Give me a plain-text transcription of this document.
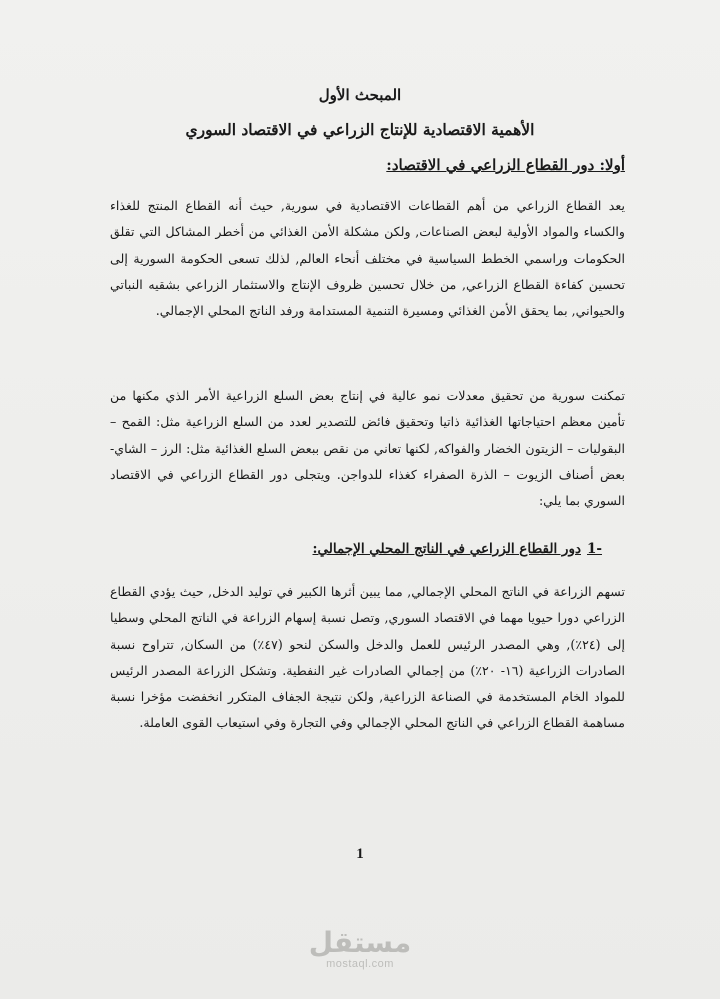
المبحث الأول
الأهمية الاقتصادية للإنتاج الزراعي في الاقتصاد السوري
أولا: دور القطاع الزراعي في الاقتصاد:

يعد القطاع الزراعي من أهم القطاعات الاقتصادية في سورية, حيث أنه القطاع المنتج للغذاء والكساء والمواد الأولية لبعض الصناعات, ولكن مشكلة الأمن الغذائي من أخطر المشاكل التي تقلق الحكومات وراسمي الخطط السياسية في مختلف أنحاء العالم, لذلك تسعى الحكومة السورية إلى تحسين كفاءة القطاع الزراعي, من خلال تحسين ظروف الإنتاج والاستثمار الزراعي بشقيه النباتي والحيواني, بما يحقق الأمن الغذائي ومسيرة التنمية المستدامة ورفد الناتج المحلي الإجمالي.

تمكنت سورية من تحقيق معدلات نمو عالية في إنتاج بعض السلع الزراعية الأمر الذي مكنها من تأمين معظم احتياجاتها الغذائية ذاتيا وتحقيق فائض للتصدير لعدد من السلع الزراعية مثل: القمح – البقوليات – الزيتون الخضار والفواكه, لكنها تعاني من نقص ببعض السلع الغذائية مثل: الرز – الشاي- بعض أصناف الزيوت – الذرة الصفراء كغذاء للدواجن. ويتجلى دور القطاع الزراعي في الاقتصاد السوري بما يلي:

1-
دور القطاع الزراعي في الناتج المحلي الإجمالي:

تسهم الزراعة في الناتج المحلي الإجمالي, مما يبين أثرها الكبير في توليد الدخل, حيث يؤدي القطاع الزراعي دورا حيويا مهما في الاقتصاد السوري, وتصل نسبة إسهام الزراعة في الناتج المحلي وسطيا إلى (٢٤٪), وهي المصدر الرئيس للعمل والدخل والسكن لنحو (٤٧٪) من السكان, تتراوح نسبة الصادرات الزراعية (١٦- ٢٠٪) من إجمالي الصادرات غير النفطية. وتشكل الزراعة المصدر الرئيس للمواد الخام المستخدمة في الصناعة الزراعية, ولكن نتيجة الجفاف المتكرر انخفضت مؤخرا نسبة مساهمة القطاع الزراعي في الناتج المحلي الإجمالي وفي التجارة وفي استيعاب القوى العاملة.

1
مستقل
mostaql.com
